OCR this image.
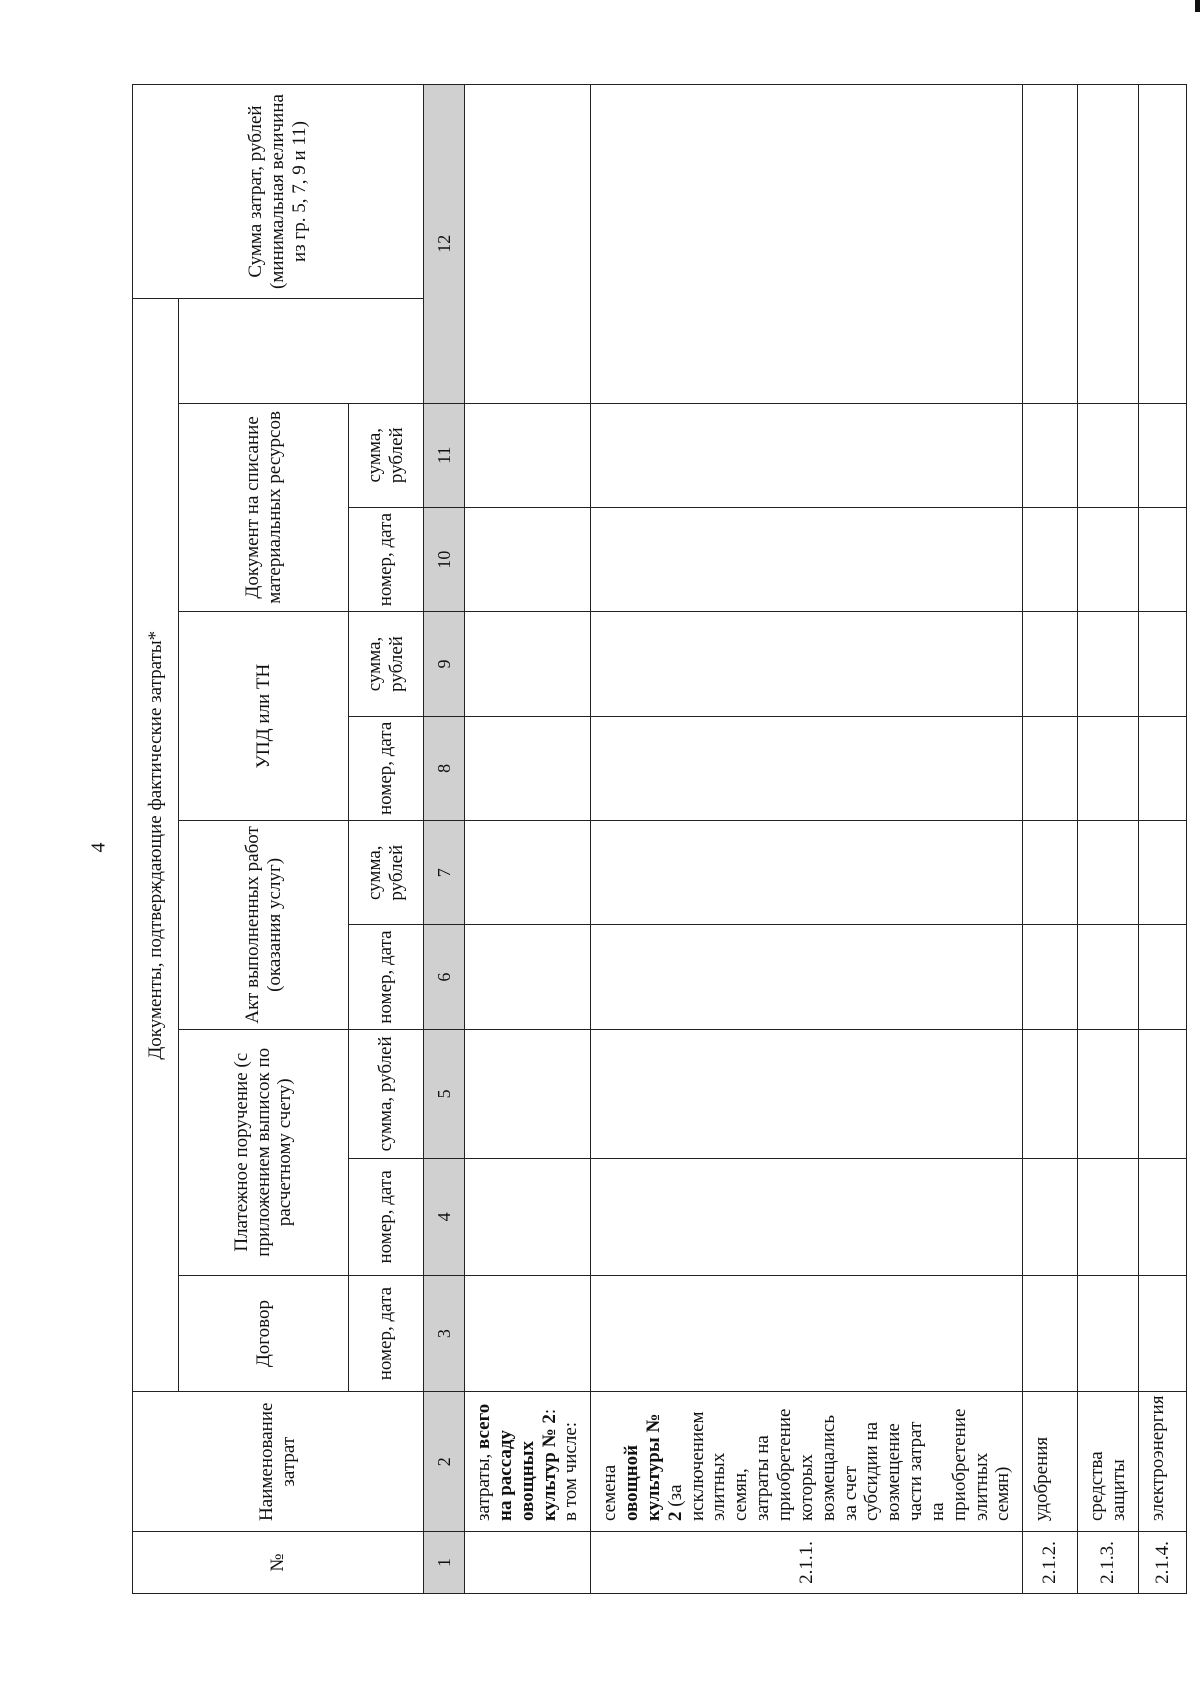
4
№	Наименование затрат	Документы, подтверждающие фактические затраты*										Сумма затрат, рублей (минимальная величина из гр. 5, 7, 9 и 11)
		Договор	Платежное поручение (с приложением выписок по расчетному счету)		Акт выполненных работ (оказания услуг)		УПД или ТН		Документ на списание материальных ресурсов			
		номер, дата	номер, дата	сумма, рублей	номер, дата	сумма, рублей	номер, дата	сумма, рублей	номер, дата	сумма, рублей		
1	2	3	4	5	6	7	8	9	10	11	12	
	затраты, всего на рассаду овощных культур № 2:
в том числе:											
2.1.1.	семена овощной культуры № 2 (за исключением элитных семян, затраты на приобретение которых возмещались за счет субсидии на возмещение части затрат на приобретение элитных семян)											
2.1.2.	удобрения											
2.1.3.	средства защиты											
2.1.4.	электроэнергия											
